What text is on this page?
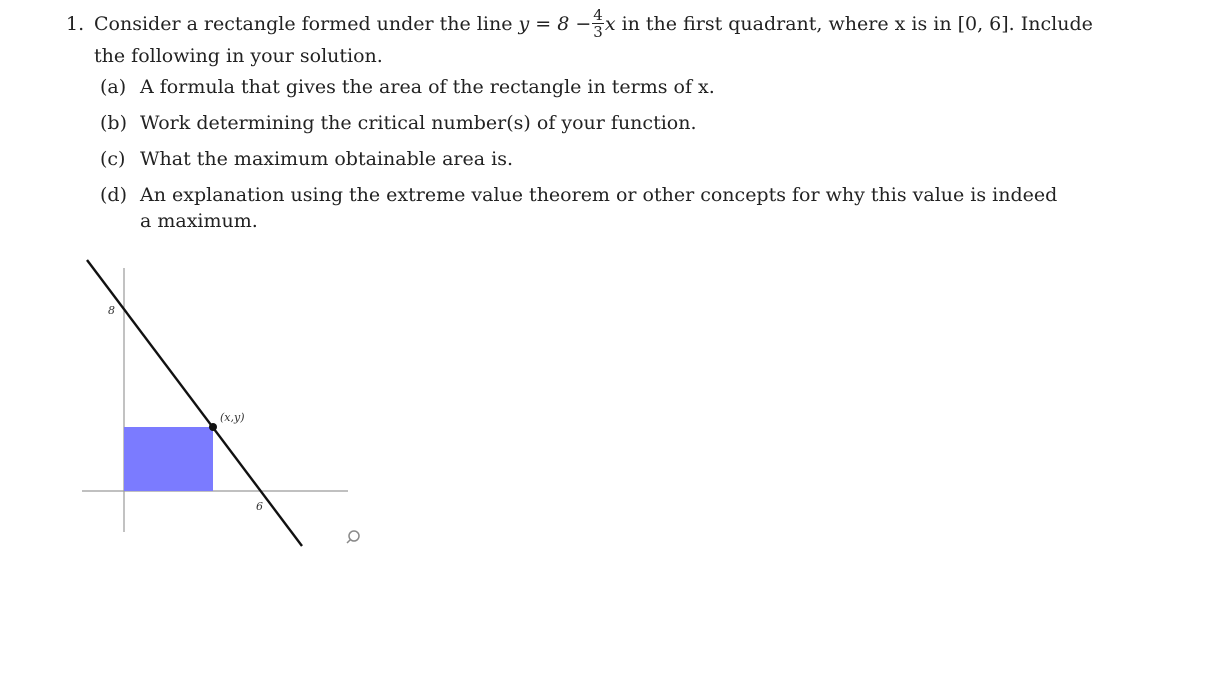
1. Consider a rectangle formed under the line $y = 8 - \frac{4}{3}$ x in the first quadrant, where x is in [0, 6]. Include
the following in your solution.
(a) A formula that gives the area of the rectangle in terms of x.
(b) Work determining the critical number(s) of your function.
(c) What the maximum obtainable area is.
(d) An explanation using the extreme value theorem or other concepts for why this value is indeed a maximum.
8
6
(x,y)
